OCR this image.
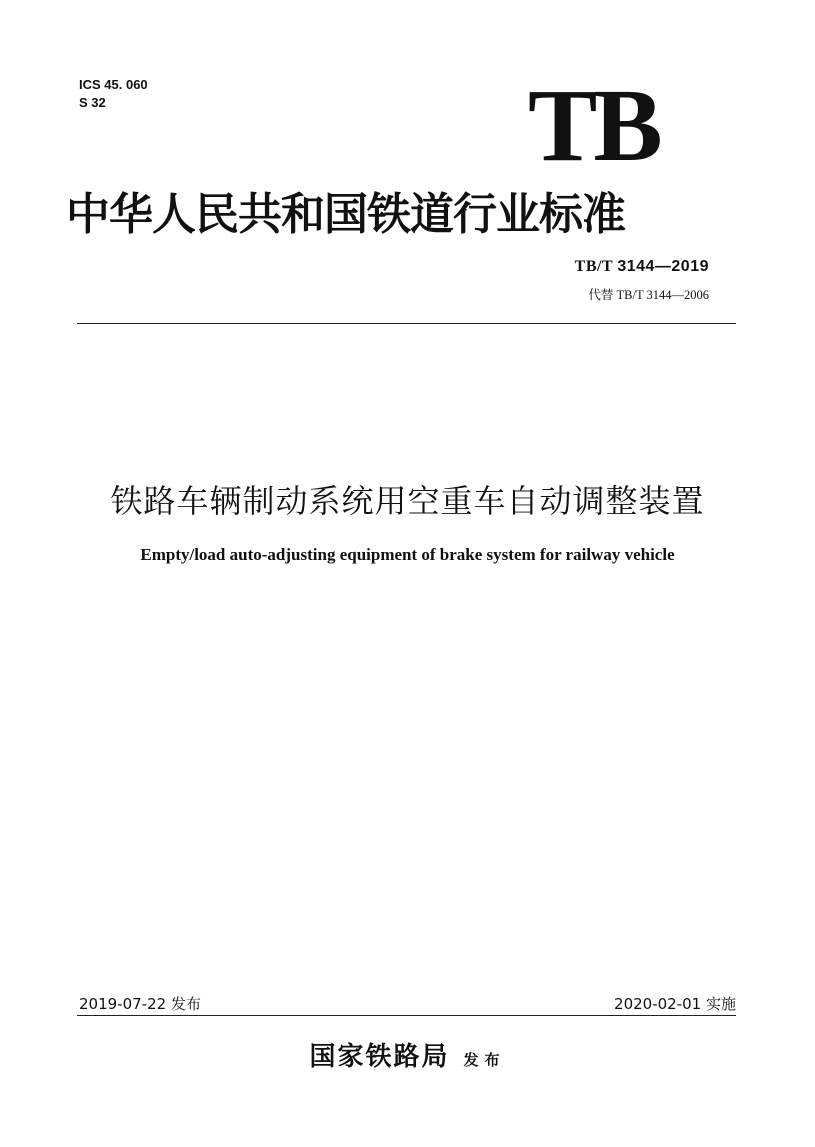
ICS 45. 060
S 32	TB
中华人民共和国铁道行业标准
TB/T 3144—2019
代替 TB/T 3144—2006
铁路车辆制动系统用空重车自动调整装置
Empty/load auto-adjusting equipment of brake system for railway vehicle
2019-07-22 发布	2020-02-01 实施
国家铁路局 发布
